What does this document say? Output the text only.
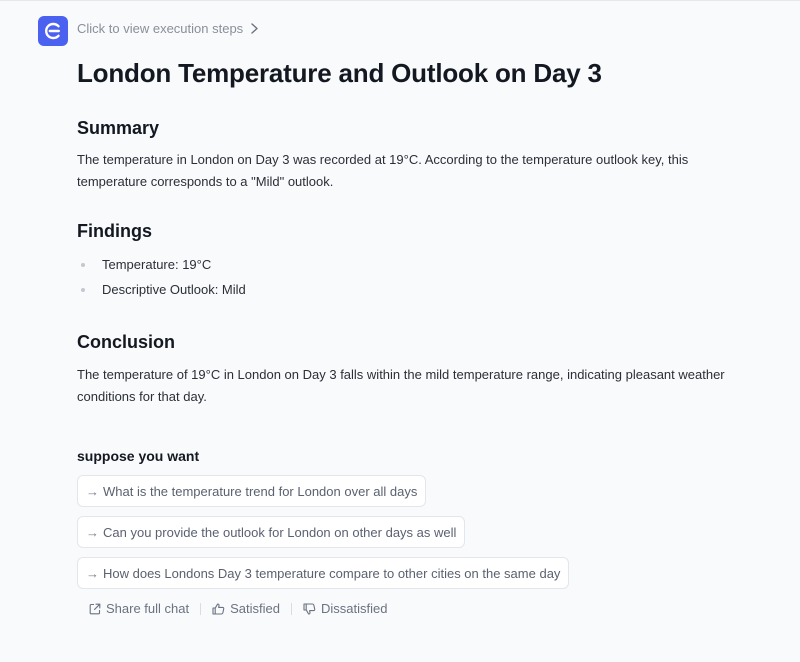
Click to view execution steps
London Temperature and Outlook on Day 3
Summary

The temperature in London on Day 3 was recorded at 19°C. According to the temperature outlook key, this temperature corresponds to a "Mild" outlook.

Findings
Temperature: 19°C
Descriptive Outlook: Mild
Conclusion

The temperature of 19°C in London on Day 3 falls within the mild temperature range, indicating pleasant weather conditions for that day.

suppose you want
→ What is the temperature trend for London over all days
→ Can you provide the outlook for London on other days as well
→ How does Londons Day 3 temperature compare to other cities on the same day
Share full chat	Satisfied	Dissatisfied
